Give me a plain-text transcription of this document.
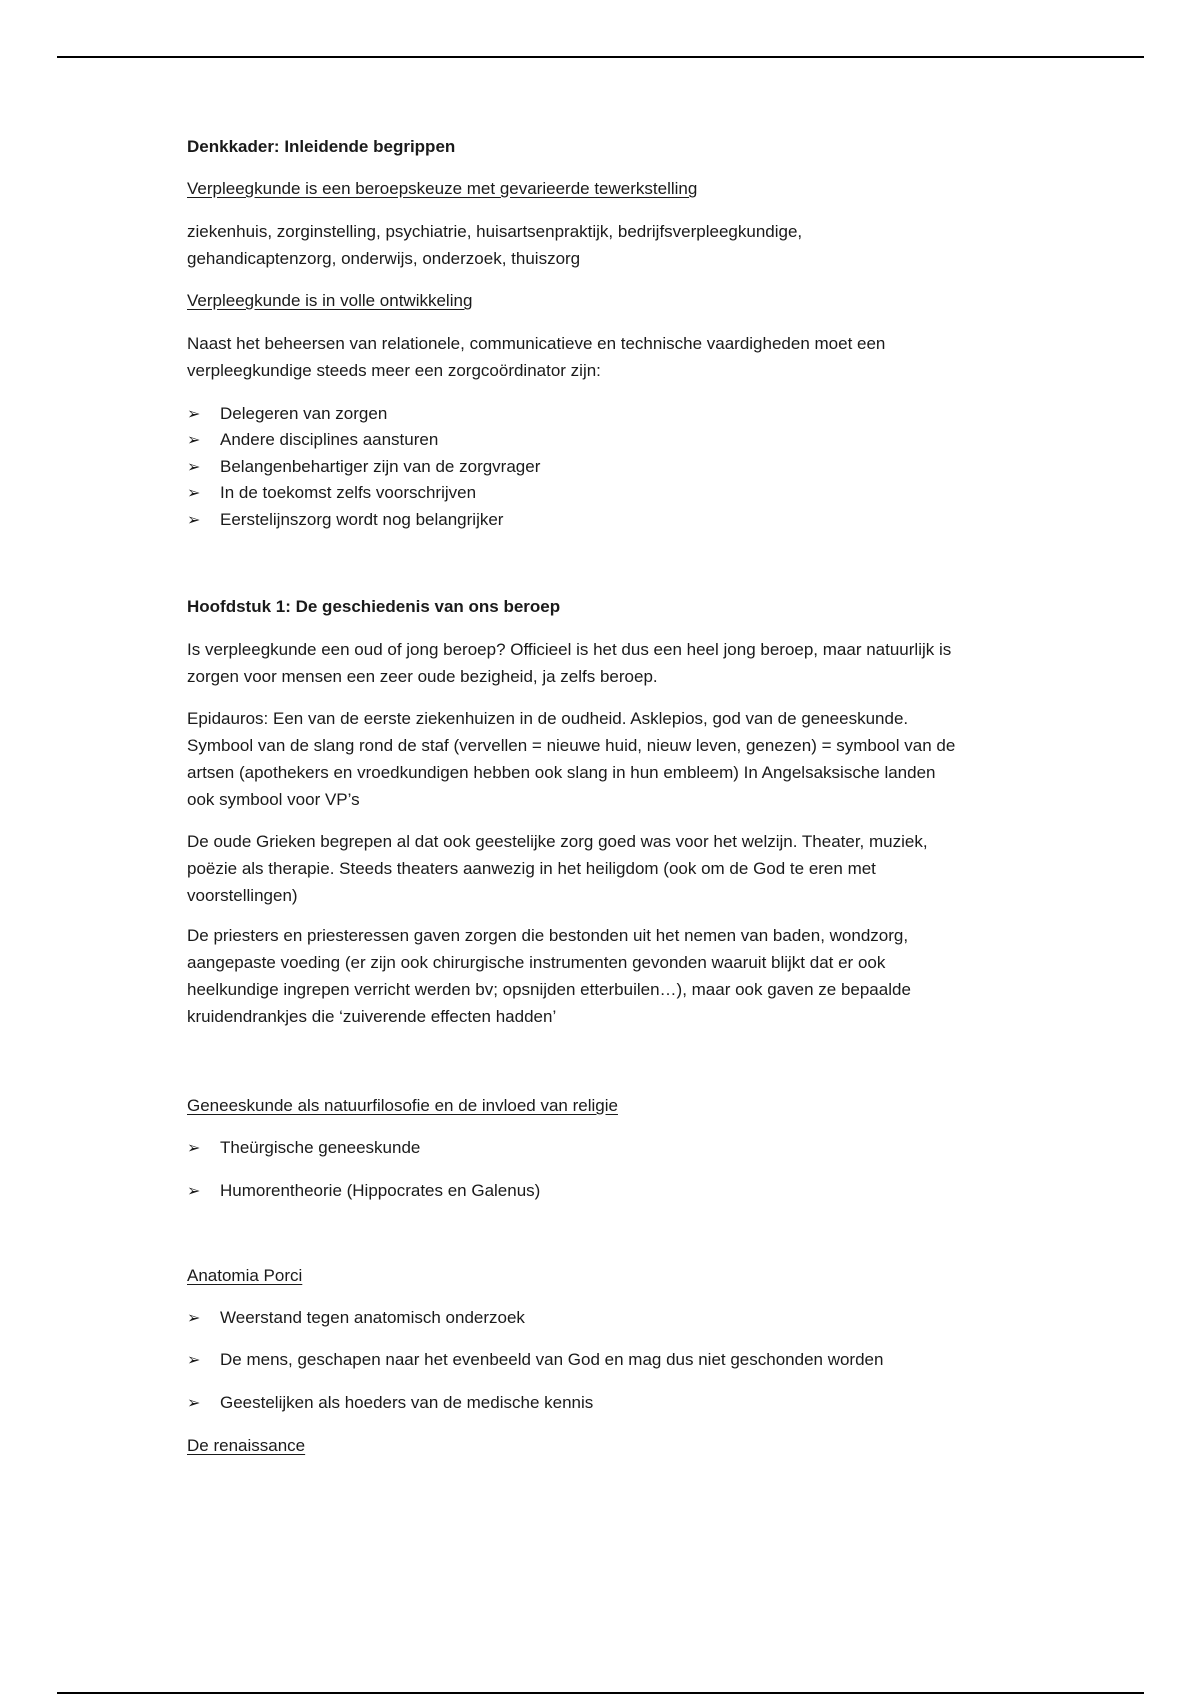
Denkkader: Inleidende begrippen
Verpleegkunde is een beroepskeuze met gevarieerde tewerkstelling
ziekenhuis, zorginstelling, psychiatrie, huisartsenpraktijk, bedrijfsverpleegkundige,
gehandicaptenzorg, onderwijs, onderzoek, thuiszorg
Verpleegkunde is in volle ontwikkeling
Naast het beheersen van relationele, communicatieve en technische vaardigheden moet een
verpleegkundige steeds meer een zorgcoördinator zijn:
➢ Delegeren van zorgen
➢ Andere disciplines aansturen
➢ Belangenbehartiger zijn van de zorgvrager
➢ In de toekomst zelfs voorschrijven
➢ Eerstelijnszorg wordt nog belangrijker
Hoofdstuk 1: De geschiedenis van ons beroep
Is verpleegkunde een oud of jong beroep? Officieel is het dus een heel jong beroep, maar natuurlijk is
zorgen voor mensen een zeer oude bezigheid, ja zelfs beroep.
Epidauros: Een van de eerste ziekenhuizen in de oudheid. Asklepios, god van de geneeskunde.
Symbool van de slang rond de staf (vervellen = nieuwe huid, nieuw leven, genezen) = symbool van de
artsen (apothekers en vroedkundigen hebben ook slang in hun embleem) In Angelsaksische landen
ook symbool voor VP’s
De oude Grieken begrepen al dat ook geestelijke zorg goed was voor het welzijn. Theater, muziek,
poëzie als therapie. Steeds theaters aanwezig in het heiligdom (ook om de God te eren met
voorstellingen)
De priesters en priesteressen gaven zorgen die bestonden uit het nemen van baden, wondzorg,
aangepaste voeding (er zijn ook chirurgische instrumenten gevonden waaruit blijkt dat er ook
heelkundige ingrepen verricht werden bv; opsnijden etterbuilen…), maar ook gaven ze bepaalde
kruidendrankjes die ‘zuiverende effecten hadden’
Geneeskunde als natuurfilosofie en de invloed van religie
➢ Theürgische geneeskunde
➢ Humorentheorie (Hippocrates en Galenus)
Anatomia Porci
➢ Weerstand tegen anatomisch onderzoek
➢ De mens, geschapen naar het evenbeeld van God en mag dus niet geschonden worden
➢ Geestelijken als hoeders van de medische kennis
De renaissance
